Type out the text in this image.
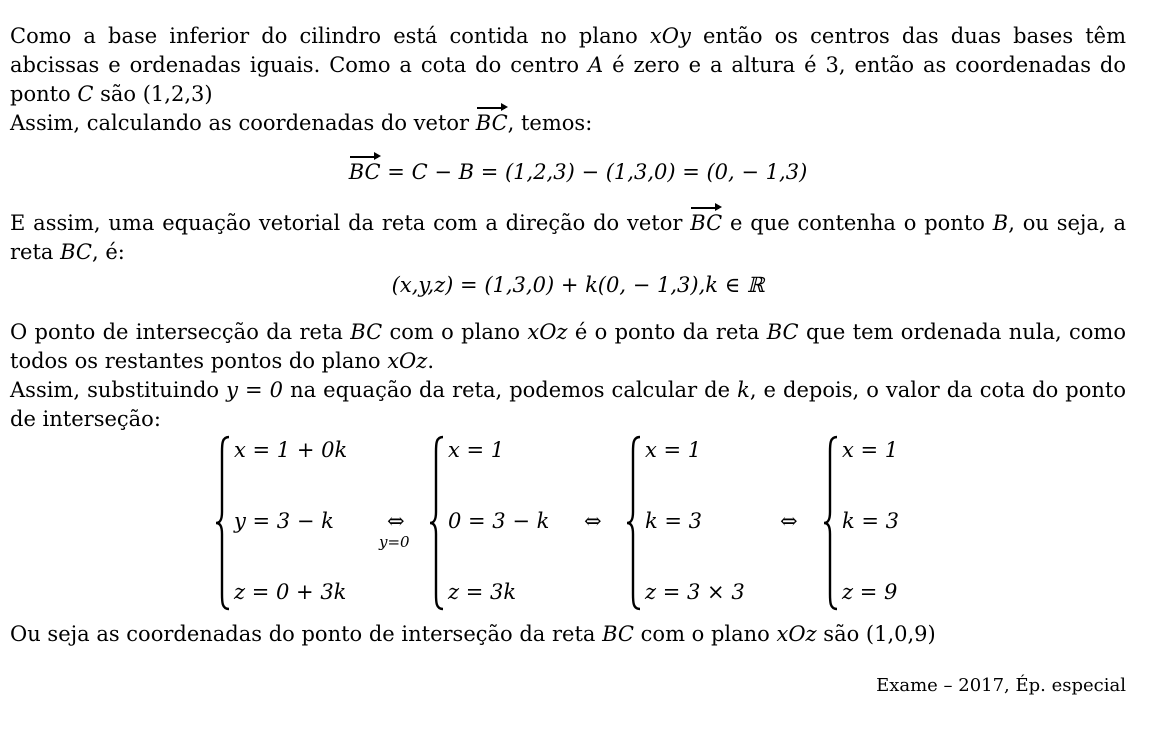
Como a base inferior do cilindro está contida no plano xOy então os centros das duas bases têm abcissas e ordenadas iguais. Como a cota do centro A é zero e a altura é 3, então as coordenadas do ponto C são (1,2,3)

Assim, calculando as coordenadas do vetor BC, temos:

BC = C − B = (1,2,3) − (1,3,0) = (0, − 1,3)

E assim, uma equação vetorial da reta com a direção do vetor BC e que contenha o ponto B, ou seja, a reta BC, é:

(x,y,z) = (1,3,0) + k(0, − 1,3),k ∈ ℝ

O ponto de intersecção da reta BC com o plano xOz é o ponto da reta BC que tem ordenada nula, como todos os restantes pontos do plano xOz.

Assim, substituindo y = 0 na equação da reta, podemos calcular de k, e depois, o valor da cota do ponto de interseção:

x = 1 + 0k
y = 3 − k
z = 0 + 3k
⇔
y=0
x = 1
0 = 3 − k
z = 3k
⇔
x = 1
k = 3
z = 3 × 3
⇔
x = 1
k = 3
z = 9

Ou seja as coordenadas do ponto de interseção da reta BC com o plano xOz são (1,0,9)

Exame – 2017, Ép. especial
